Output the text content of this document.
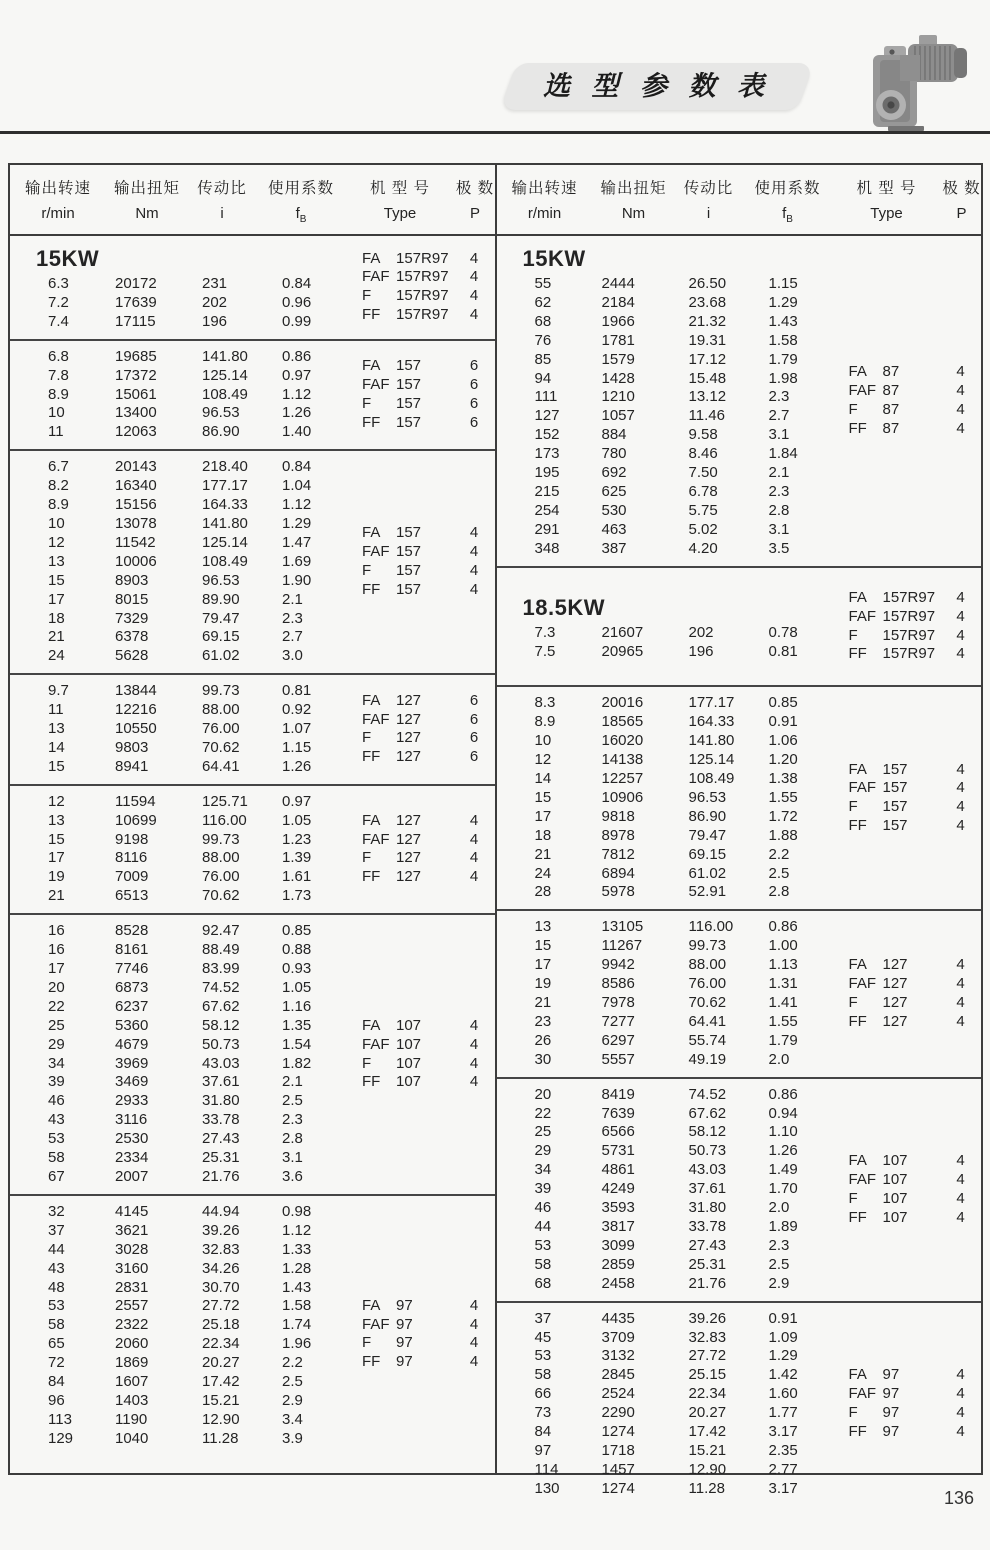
选 型 参 数 表
输出转速	输出扭矩	传动比	使用系数	机 型 号	极 数
r/min	Nm	i	$f_B$	Type	P
15KW
6.3	20172	231	0.84
7.2	17639	202	0.96
7.4	17115	196	0.99
FA 157R97	4
FAF 157R97	4
F 157R97	4
FF 157R97	4
6.8	19685	141.80	0.86
7.8	17372	125.14	0.97
8.9	15061	108.49	1.12
10	13400	96.53	1.26
11	12063	86.90	1.40
FA 157	6
FAF 157	6
F 157	6
FF 157	6
6.7	20143	218.40	0.84
8.2	16340	177.17	1.04
8.9	15156	164.33	1.12
10	13078	141.80	1.29
12	11542	125.14	1.47
13	10006	108.49	1.69
15	8903	96.53	1.90
17	8015	89.90	2.1
18	7329	79.47	2.3
21	6378	69.15	2.7
24	5628	61.02	3.0
FA 157	4
FAF 157	4
F 157	4
FF 157	4
9.7	13844	99.73	0.81
11	12216	88.00	0.92
13	10550	76.00	1.07
14	9803	70.62	1.15
15	8941	64.41	1.26
FA 127	6
FAF 127	6
F 127	6
FF 127	6
12	11594	125.71	0.97
13	10699	116.00	1.05
15	9198	99.73	1.23
17	8116	88.00	1.39
19	7009	76.00	1.61
21	6513	70.62	1.73
FA 127	4
FAF 127	4
F 127	4
FF 127	4
16	8528	92.47	0.85
16	8161	88.49	0.88
17	7746	83.99	0.93
20	6873	74.52	1.05
22	6237	67.62	1.16
25	5360	58.12	1.35
29	4679	50.73	1.54
34	3969	43.03	1.82
39	3469	37.61	2.1
46	2933	31.80	2.5
43	3116	33.78	2.3
53	2530	27.43	2.8
58	2334	25.31	3.1
67	2007	21.76	3.6
FA 107	4
FAF 107	4
F 107	4
FF 107	4
32	4145	44.94	0.98
37	3621	39.26	1.12
44	3028	32.83	1.33
43	3160	34.26	1.28
48	2831	30.70	1.43
53	2557	27.72	1.58
58	2322	25.18	1.74
65	2060	22.34	1.96
72	1869	20.27	2.2
84	1607	17.42	2.5
96	1403	15.21	2.9
113	1190	12.90	3.4
129	1040	11.28	3.9
FA 97	4
FAF 97	4
F 97	4
FF 97	4
输出转速	输出扭矩	传动比	使用系数	机 型 号	极 数
r/min	Nm	i	$f_B$	Type	P
15KW
55	2444	26.50	1.15
62	2184	23.68	1.29
68	1966	21.32	1.43
76	1781	19.31	1.58
85	1579	17.12	1.79
94	1428	15.48	1.98
111	1210	13.12	2.3
127	1057	11.46	2.7
152	884	9.58	3.1
173	780	8.46	1.84
195	692	7.50	2.1
215	625	6.78	2.3
254	530	5.75	2.8
291	463	5.02	3.1
348	387	4.20	3.5
FA 87	4
FAF 87	4
F 87	4
FF 87	4
18.5KW
7.3	21607	202	0.78
7.5	20965	196	0.81
FA 157R97	4
FAF 157R97	4
F 157R97	4
FF 157R97	4
8.3	20016	177.17	0.85
8.9	18565	164.33	0.91
10	16020	141.80	1.06
12	14138	125.14	1.20
14	12257	108.49	1.38
15	10906	96.53	1.55
17	9818	86.90	1.72
18	8978	79.47	1.88
21	7812	69.15	2.2
24	6894	61.02	2.5
28	5978	52.91	2.8
FA 157	4
FAF 157	4
F 157	4
FF 157	4
13	13105	116.00	0.86
15	11267	99.73	1.00
17	9942	88.00	1.13
19	8586	76.00	1.31
21	7978	70.62	1.41
23	7277	64.41	1.55
26	6297	55.74	1.79
30	5557	49.19	2.0
FA 127	4
FAF 127	4
F 127	4
FF 127	4
20	8419	74.52	0.86
22	7639	67.62	0.94
25	6566	58.12	1.10
29	5731	50.73	1.26
34	4861	43.03	1.49
39	4249	37.61	1.70
46	3593	31.80	2.0
44	3817	33.78	1.89
53	3099	27.43	2.3
58	2859	25.31	2.5
68	2458	21.76	2.9
FA 107	4
FAF 107	4
F 107	4
FF 107	4
37	4435	39.26	0.91
45	3709	32.83	1.09
53	3132	27.72	1.29
58	2845	25.15	1.42
66	2524	22.34	1.60
73	2290	20.27	1.77
84	1274	17.42	3.17
97	1718	15.21	2.35
114	1457	12.90	2.77
130	1274	11.28	3.17
FA 97	4
FAF 97	4
F 97	4
FF 97	4
136
